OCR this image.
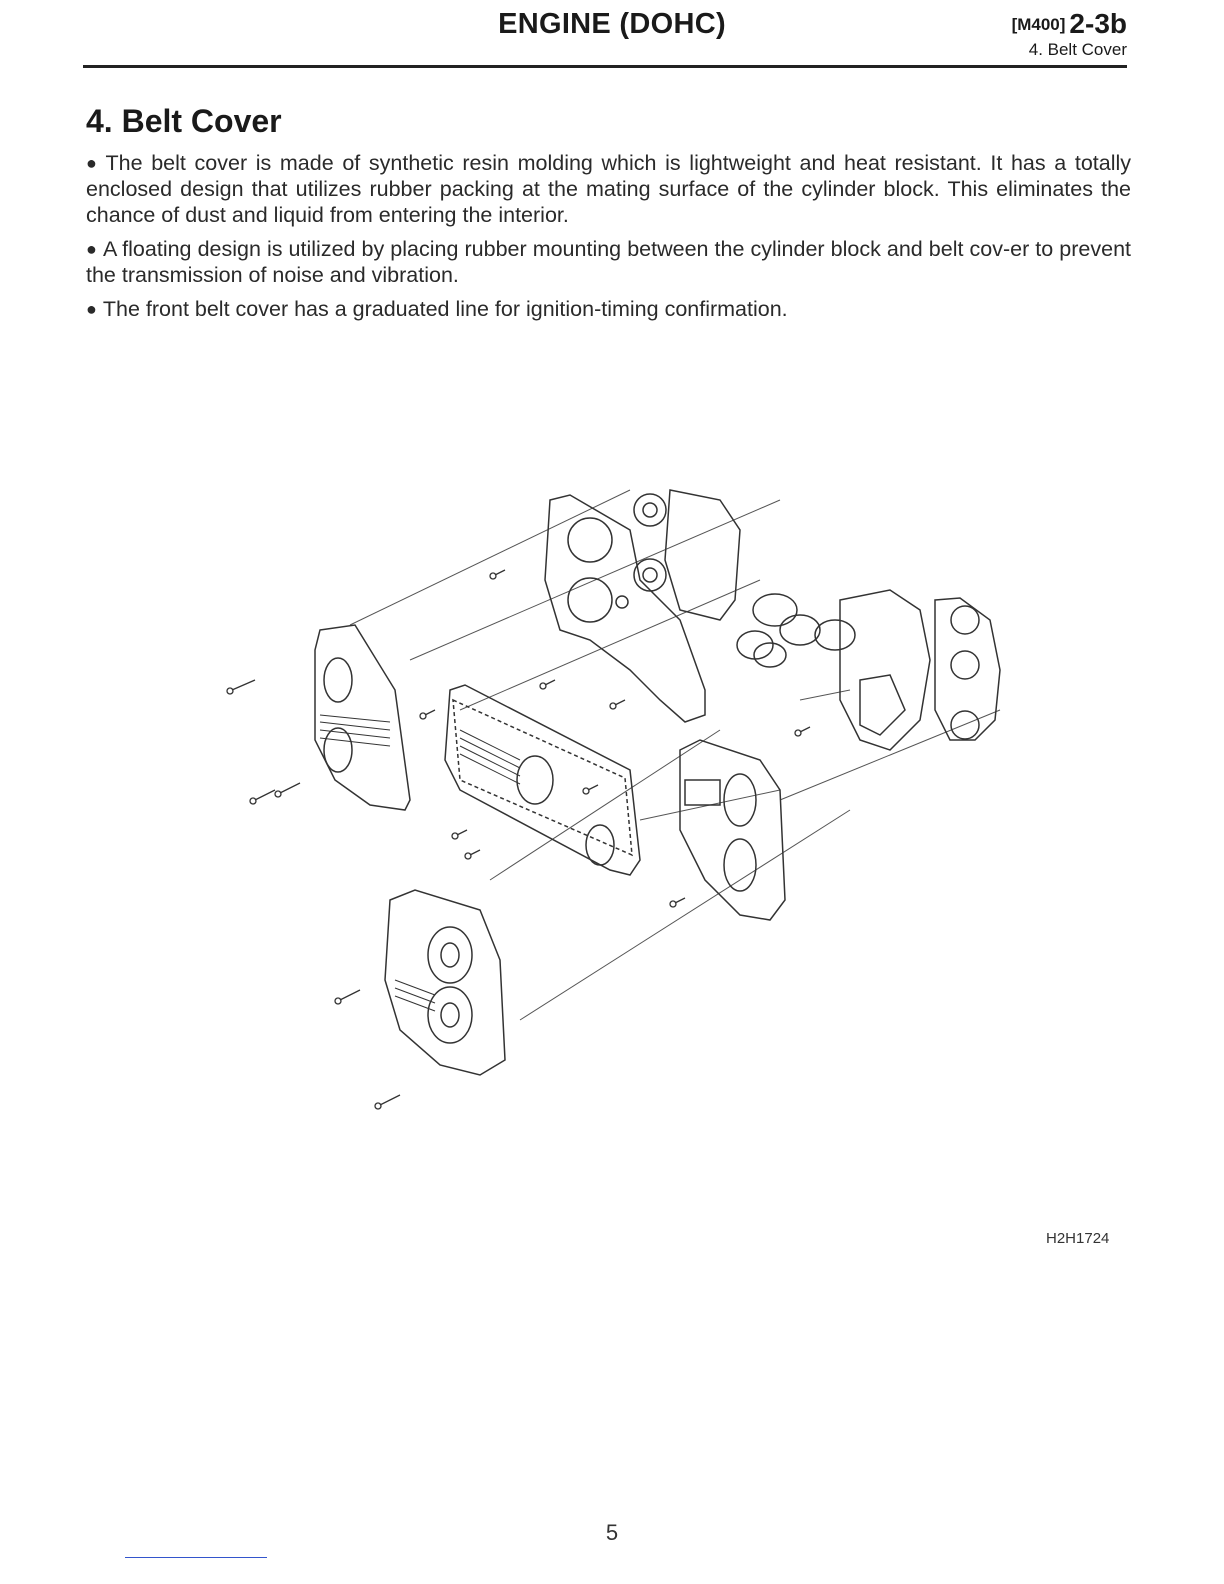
ENGINE (DOHC)	[M400] 2-3b
4. Belt Cover
4. Belt Cover
● The belt cover is made of synthetic resin molding which is lightweight and heat resistant. It has a totally enclosed design that utilizes rubber packing at the mating surface of the cylinder block. This eliminates the chance of dust and liquid from entering the interior.
● A floating design is utilized by placing rubber mounting between the cylinder block and belt cov-er to prevent the transmission of noise and vibration.
● The front belt cover has a graduated line for ignition-timing confirmation.
H2H1724
5
